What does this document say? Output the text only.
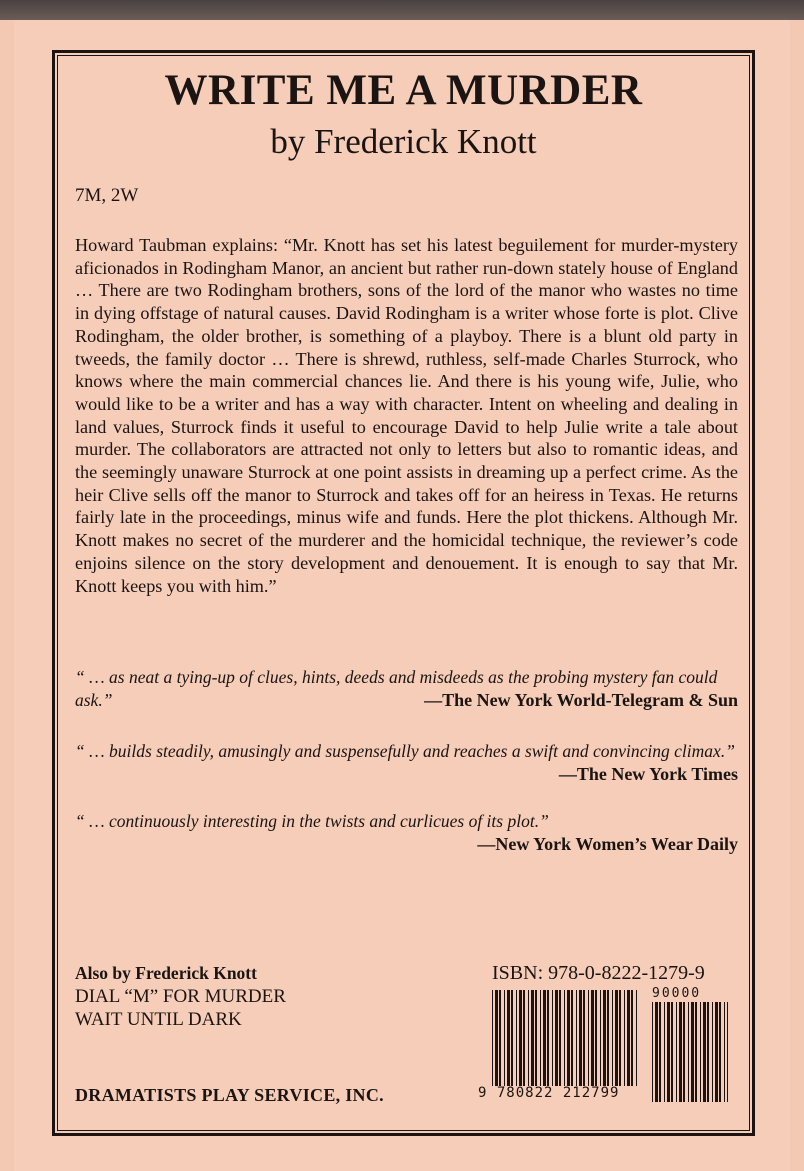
WRITE ME A MURDER
by Frederick Knott
7M, 2W

Howard Taubman explains: “Mr. Knott has set his latest beguilement for murder-mystery aficionados in Rodingham Manor, an ancient but rather run-down stately house of England … There are two Rodingham brothers, sons of the lord of the manor who wastes no time in dying offstage of natural causes. David Rodingham is a writer whose forte is plot. Clive Rodingham, the older brother, is something of a playboy. There is a blunt old party in tweeds, the family doctor … There is shrewd, ruthless, self-made Charles Sturrock, who knows where the main commercial chances lie. And there is his young wife, Julie, who would like to be a writer and has a way with character. Intent on wheeling and dealing in land values, Sturrock finds it useful to encourage David to help Julie write a tale about murder. The collaborators are attracted not only to letters but also to romantic ideas, and the seemingly unaware Sturrock at one point assists in dreaming up a perfect crime. As the heir Clive sells off the manor to Sturrock and takes off for an heiress in Texas. He returns fairly late in the proceedings, minus wife and funds. Here the plot thickens. Although Mr. Knott makes no secret of the murderer and the homicidal technique, the reviewer’s code enjoins silence on the story development and denouement. It is enough to say that Mr. Knott keeps you with him.”

“ … as neat a tying-up of clues, hints, deeds and misdeeds as the probing mystery fan could ask.”	—The New York World-Telegram & Sun
“ … builds steadily, amusingly and suspensefully and reaches a swift and convincing climax.”
—The New York Times
“ … continuously interesting in the twists and curlicues of its plot.”
—New York Women’s Wear Daily
Also by Frederick Knott
DIAL “M” FOR MURDER
WAIT UNTIL DARK
DRAMATISTS PLAY SERVICE, INC.
ISBN: 978-0-8222-1279-9
90000
9 780822 212799
